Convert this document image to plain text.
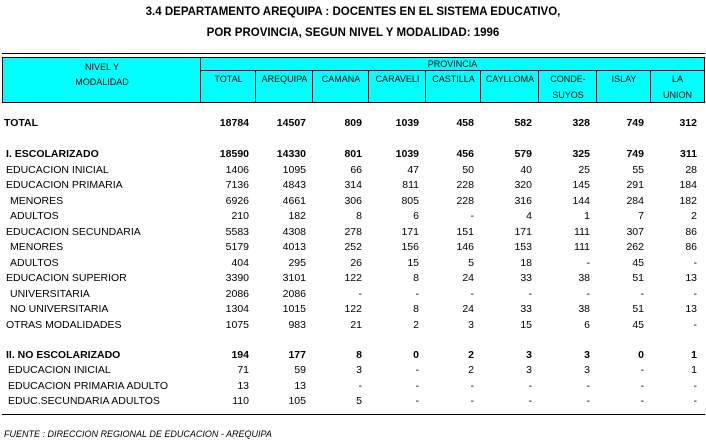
3.4 DEPARTAMENTO AREQUIPA : DOCENTES EN EL SISTEMA EDUCATIVO,
POR PROVINCIA, SEGUN NIVEL Y MODALIDAD: 1996
NIVEL Y
MODALIDAD
PROVINCIA
TOTAL	AREQUIPA	CAMANA	CARAVELI	CASTILLA	CAYLLOMA	CONDE-
SUYOS
ISLAY	LA
UNION
TOTAL	18784	14507	809	1039	458	582	328	749	312
I. ESCOLARIZADO	18590	14330	801	1039	456	579	325	749	311
EDUCACION INICIAL	1406	1095	66	47	50	40	25	55	28
EDUCACION PRIMARIA	7136	4843	314	811	228	320	145	291	184
MENORES	6926	4661	306	805	228	316	144	284	182
ADULTOS	210	182	8	6	-	4	1	7	2
EDUCACION SECUNDARIA	5583	4308	278	171	151	171	111	307	86
MENORES	5179	4013	252	156	146	153	111	262	86
ADULTOS	404	295	26	15	5	18	-	45	-
EDUCACION SUPERIOR	3390	3101	122	8	24	33	38	51	13
UNIVERSITARIA	2086	2086	-	-	-	-	-	-	-
NO UNIVERSITARIA	1304	1015	122	8	24	33	38	51	13
OTRAS MODALIDADES	1075	983	21	2	3	15	6	45	-
II. NO ESCOLARIZADO	194	177	8	0	2	3	3	0	1
EDUCACION INICIAL	71	59	3	-	2	3	3	-	1
EDUCACION PRIMARIA ADULTO	13	13	-	-	-	-	-	-	-
EDUC.SECUNDARIA ADULTOS	110	105	5	-	-	-	-	-	-
FUENTE : DIRECCION REGIONAL DE EDUCACION - AREQUIPA
